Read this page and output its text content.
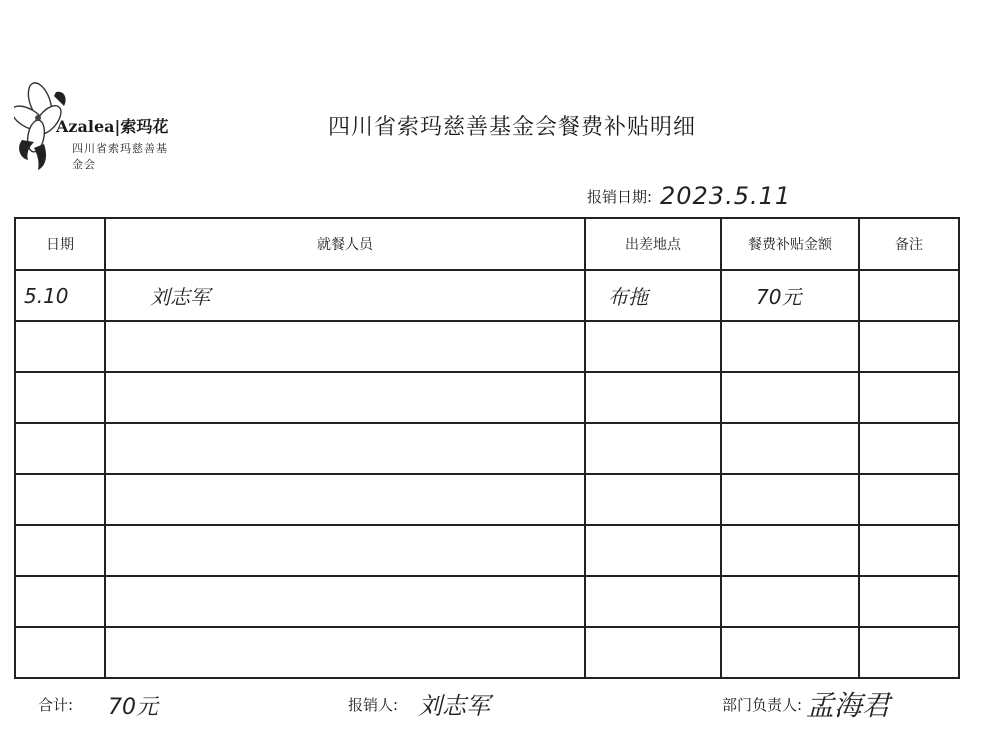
Azalea|索玛花
四川省索玛慈善基金会
四川省索玛慈善基金会餐费补贴明细
报销日期: 2023.5.11
日期	就餐人员	出差地点	餐费补贴金额	备注
5.10	刘志军	布拖	70元	

合计: 70元	报销人: 刘志军	部门负责人: 孟海君
